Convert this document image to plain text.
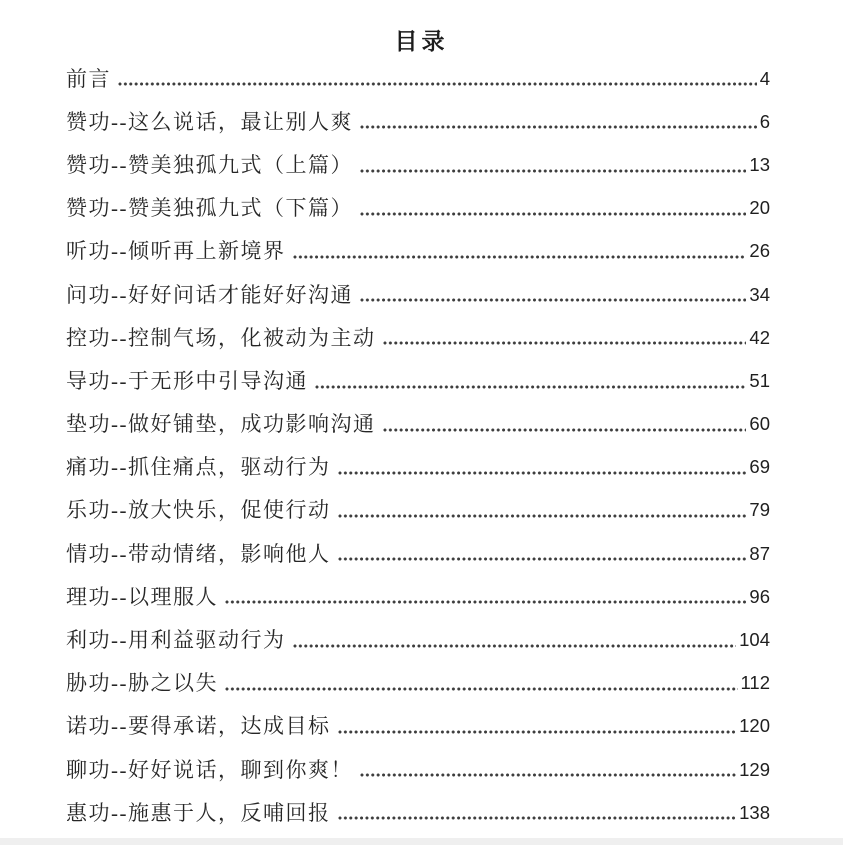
目录
前言	4
赞功--这么说话，最让别人爽	6
赞功--赞美独孤九式（上篇）	13
赞功--赞美独孤九式（下篇）	20
听功--倾听再上新境界	26
问功--好好问话才能好好沟通	34
控功--控制气场，化被动为主动	42
导功--于无形中引导沟通	51
垫功--做好铺垫，成功影响沟通	60
痛功--抓住痛点，驱动行为	69
乐功--放大快乐，促使行动	79
情功--带动情绪，影响他人	87
理功--以理服人	96
利功--用利益驱动行为	104
胁功--胁之以失	112
诺功--要得承诺，达成目标	120
聊功--好好说话，聊到你爽！	129
惠功--施惠于人，反哺回报	138
